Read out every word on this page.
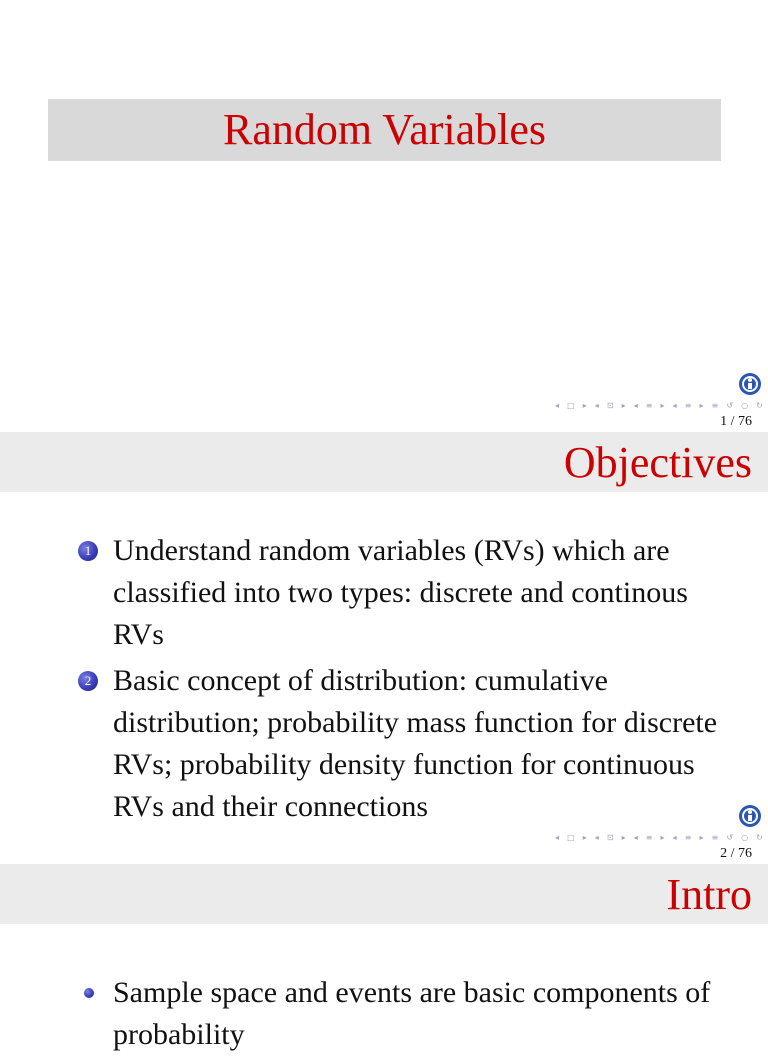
Random Variables
◂ □ ▸ ◂ ⊡ ▸ ◂ ≡ ▸ ◂ ≡ ▸ ≡ ↺ ○ ↻
1 / 76
Objectives
1 Understand random variables (RVs) which are classified into two types: discrete and continous RVs
2 Basic concept of distribution: cumulative distribution; probability mass function for discrete RVs; probability density function for continuous RVs and their connections
◂ □ ▸ ◂ ⊡ ▸ ◂ ≡ ▸ ◂ ≡ ▸ ≡ ↺ ○ ↻
2 / 76
Intro
Sample space and events are basic components of probability
